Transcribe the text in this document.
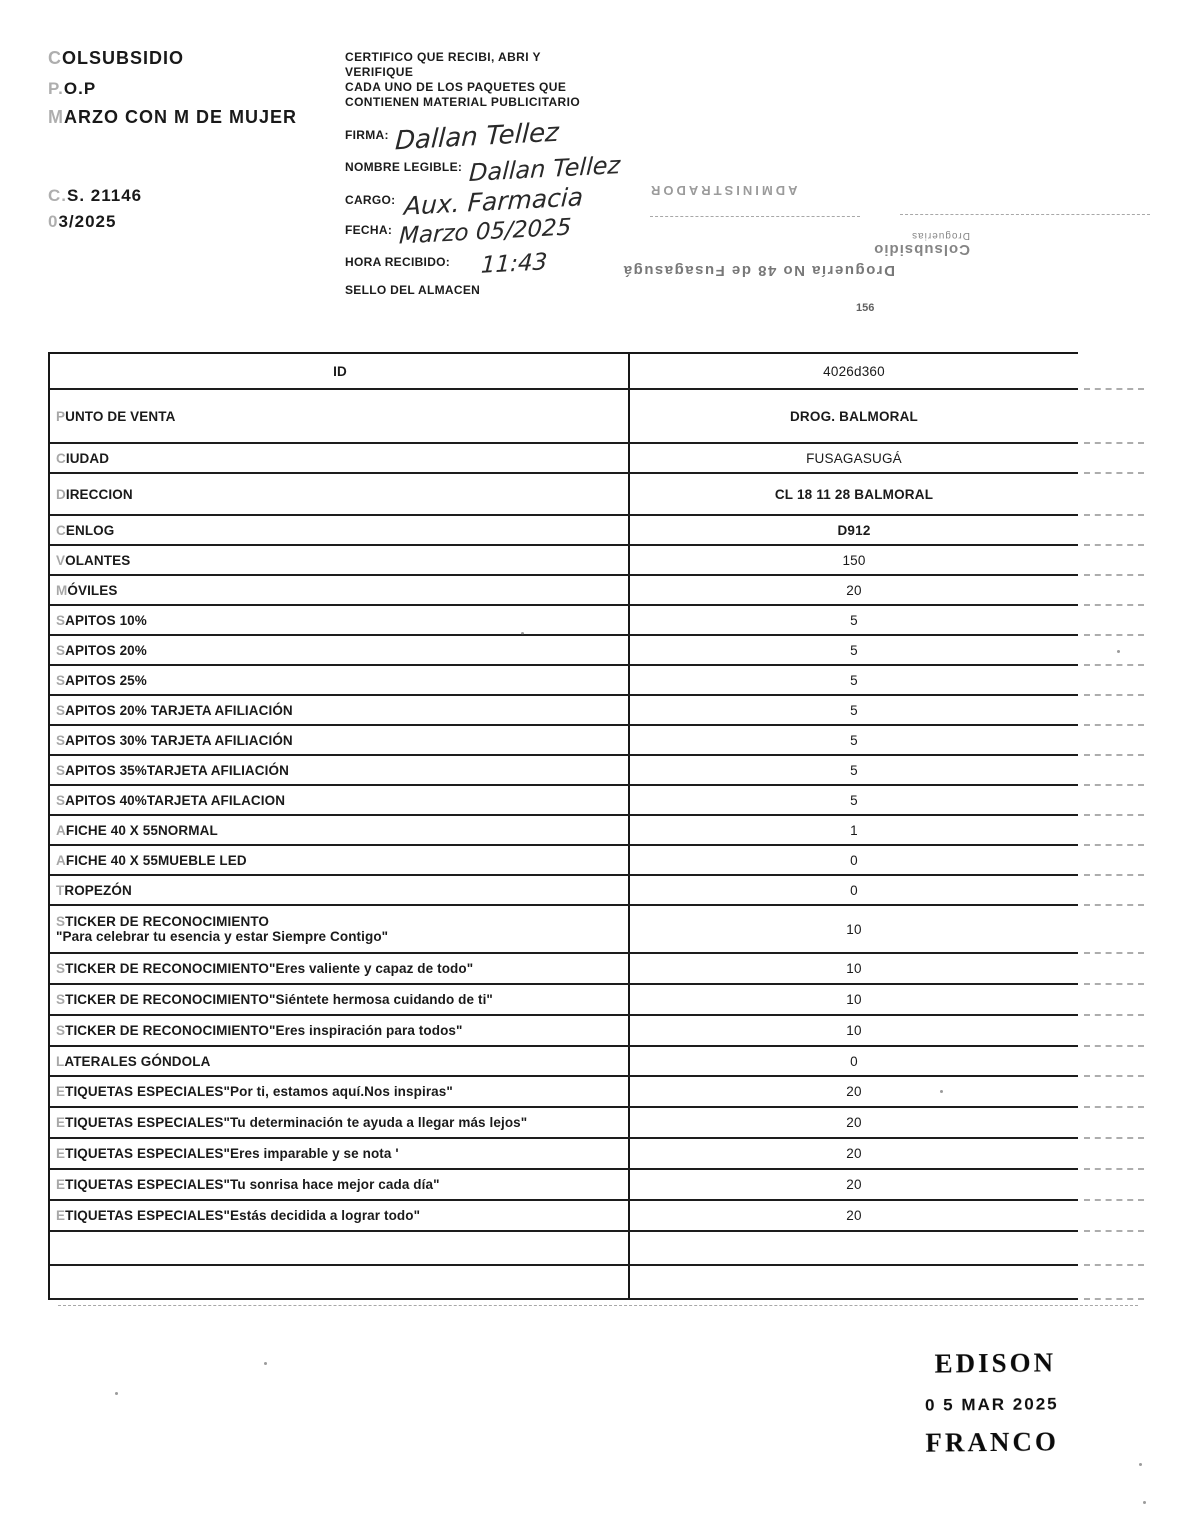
COLSUBSIDIO
P.O.P
MARZO CON M DE MUJER
C.S. 21146
03/2025
CERTIFICO QUE RECIBI, ABRI Y
VERIFIQUE
CADA UNO DE LOS PAQUETES QUE
CONTIENEN MATERIAL PUBLICITARIO
FIRMA: Dallan Tellez
NOMBRE LEGIBLE: Dallan Tellez
CARGO: Aux. Farmacia
FECHA: Marzo 05/2025
HORA RECIBIDO: 11:43
SELLO DEL ALMACEN
ADMINISTRADOR
Colsubsidio
Droguerias
Droguería No 48 de Fusagasugá
156
ID	4026d360
PUNTO DE VENTA	DROG. BALMORAL
CIUDAD	FUSAGASUGÁ
DIRECCION	CL 18 11 28 BALMORAL
CENLOG	D912
VOLANTES	150
MÓVILES	20
SAPITOS 10%	5
SAPITOS 20%	5
SAPITOS 25%	5
SAPITOS 20% TARJETA AFILIACIÓN	5
SAPITOS 30% TARJETA AFILIACIÓN	5
SAPITOS 35%TARJETA AFILIACIÓN	5
SAPITOS 40%TARJETA AFILACION	5
AFICHE 40 X 55NORMAL	1
AFICHE 40 X 55MUEBLE LED	0
TROPEZÓN	0
STICKER DE RECONOCIMIENTO
"Para celebrar tu esencia y estar Siempre Contigo"	10
STICKER DE RECONOCIMIENTO"Eres valiente y capaz de todo"	10
STICKER DE RECONOCIMIENTO"Siéntete hermosa cuidando de ti"	10
STICKER DE RECONOCIMIENTO"Eres inspiración para todos"	10
LATERALES GÓNDOLA	0
ETIQUETAS ESPECIALES"Por ti, estamos aquí.Nos inspiras"	20
ETIQUETAS ESPECIALES"Tu determinación te ayuda a llegar más lejos"	20
ETIQUETAS ESPECIALES"Eres imparable y se nota '	20
ETIQUETAS ESPECIALES"Tu sonrisa hace mejor cada día"	20
ETIQUETAS ESPECIALES"Estás decidida a lograr todo"	20
EDISON
0 5 MAR 2025
FRANCO
